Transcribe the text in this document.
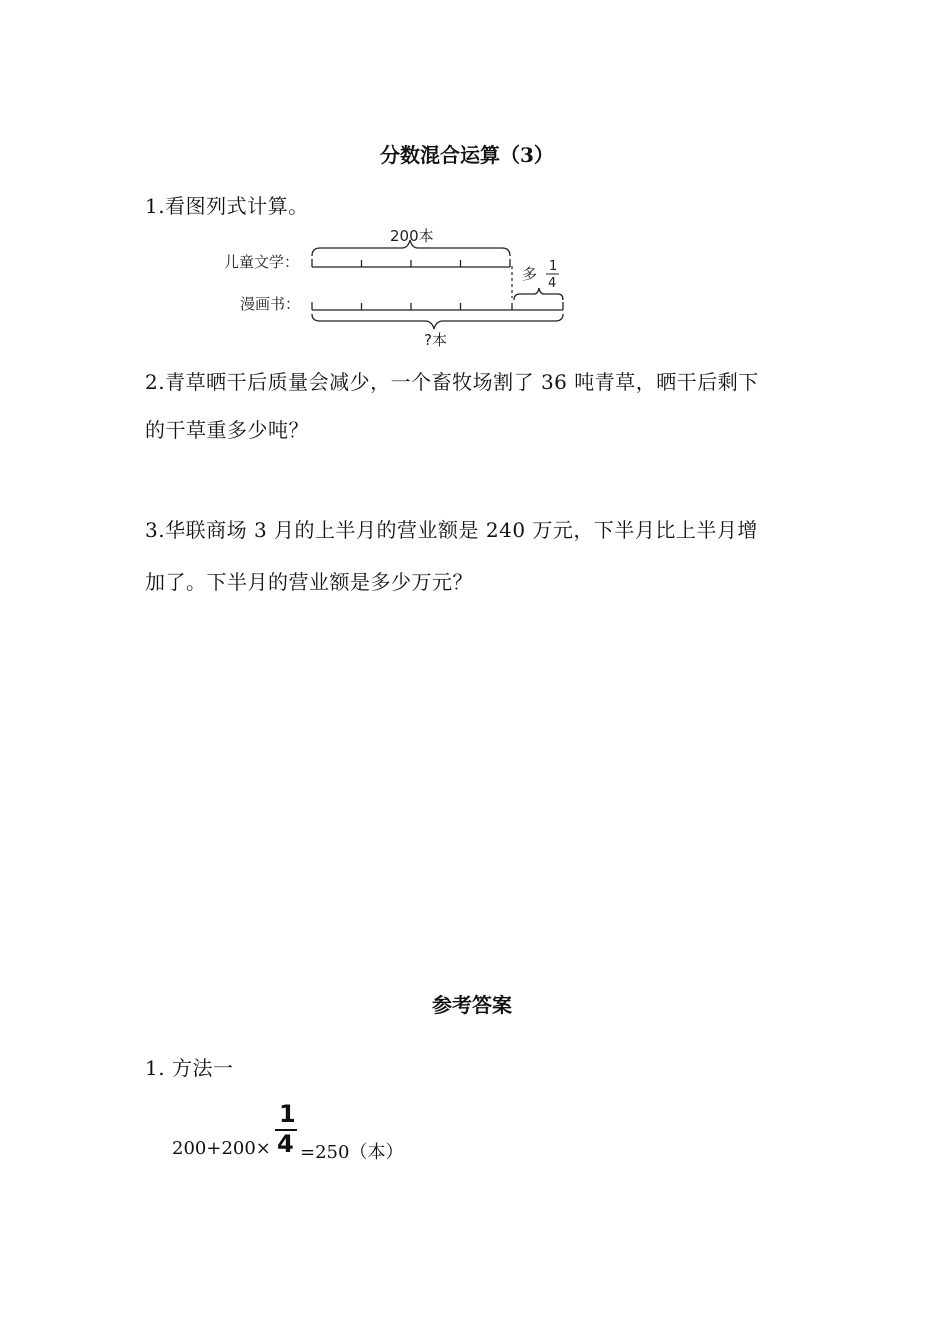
分数混合运算（3）
1.看图列式计算。
200本
儿童文学：
多 1
4
漫画书：
?本
2.青草晒干后质量会减少，一个畜牧场割了 36 吨青草，晒干后剩下
的干草重多少吨？
3.华联商场 3 月的上半月的营业额是 240 万元，下半月比上半月增
加了。下半月的营业额是多少万元？
参考答案
1. 方法一
200+200×
1
4 =250（本）
